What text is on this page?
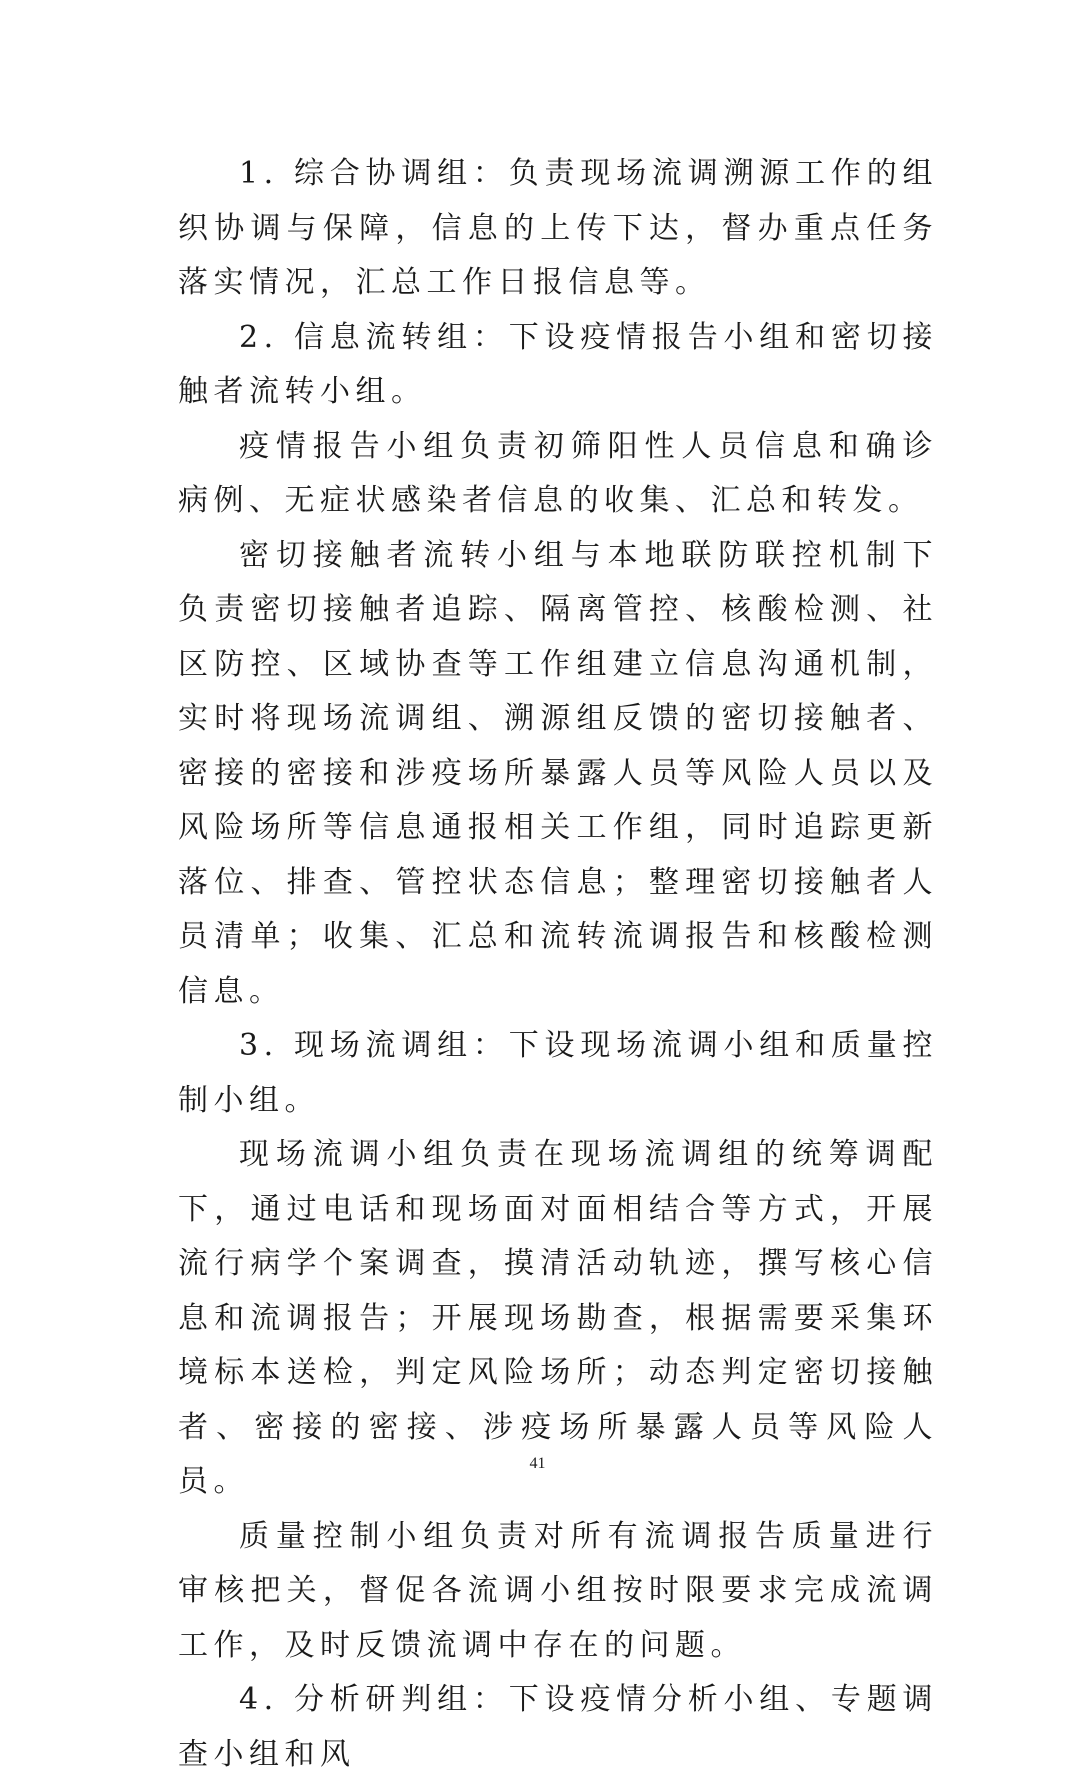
1. 综合协调组：负责现场流调溯源工作的组织协调与保障，信息的上传下达，督办重点任务落实情况，汇总工作日报信息等。

2. 信息流转组：下设疫情报告小组和密切接触者流转小组。

疫情报告小组负责初筛阳性人员信息和确诊病例、无症状感染者信息的收集、汇总和转发。

密切接触者流转小组与本地联防联控机制下负责密切接触者追踪、隔离管控、核酸检测、社区防控、区域协查等工作组建立信息沟通机制，实时将现场流调组、溯源组反馈的密切接触者、密接的密接和涉疫场所暴露人员等风险人员以及风险场所等信息通报相关工作组，同时追踪更新落位、排查、管控状态信息；整理密切接触者人员清单；收集、汇总和流转流调报告和核酸检测信息。

3. 现场流调组：下设现场流调小组和质量控制小组。

现场流调小组负责在现场流调组的统筹调配下，通过电话和现场面对面相结合等方式，开展流行病学个案调查，摸清活动轨迹，撰写核心信息和流调报告；开展现场勘查，根据需要采集环境标本送检，判定风险场所；动态判定密切接触者、密接的密接、涉疫场所暴露人员等风险人员。

质量控制小组负责对所有流调报告质量进行审核把关，督促各流调小组按时限要求完成流调工作，及时反馈流调中存在的问题。

4. 分析研判组：下设疫情分析小组、专题调查小组和风

41
